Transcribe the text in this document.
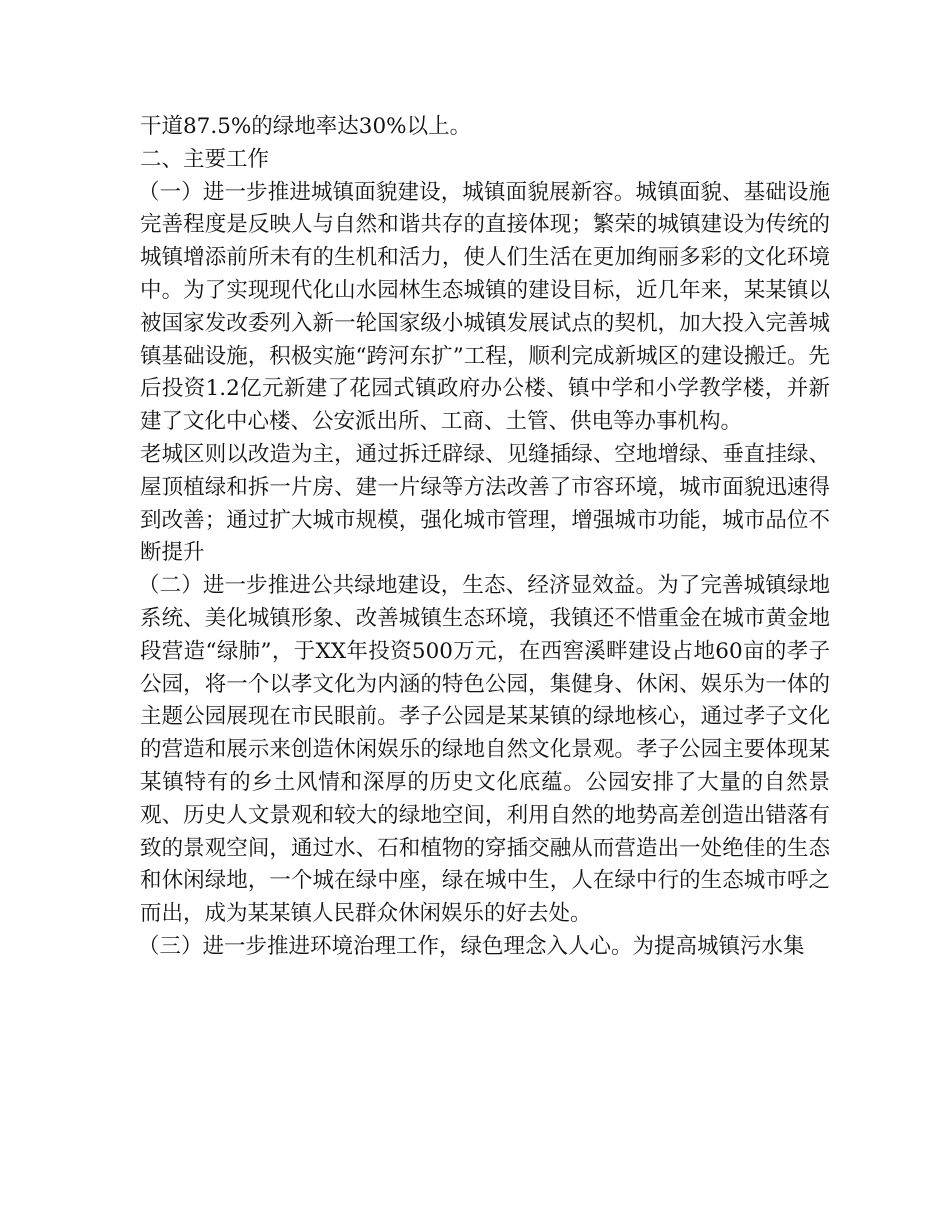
干道87.5%的绿地率达30%以上。

二、主要工作

（一）进一步推进城镇面貌建设，城镇面貌展新容。城镇面貌、基础设施完善程度是反映人与自然和谐共存的直接体现；繁荣的城镇建设为传统的城镇增添前所未有的生机和活力，使人们生活在更加绚丽多彩的文化环境中。为了实现现代化山水园林生态城镇的建设目标，近几年来，某某镇以被国家发改委列入新一轮国家级小城镇发展试点的契机，加大投入完善城镇基础设施，积极实施“跨河东扩”工程，顺利完成新城区的建设搬迁。先后投资1.2亿元新建了花园式镇政府办公楼、镇中学和小学教学楼，并新建了文化中心楼、公安派出所、工商、土管、供电等办事机构。

老城区则以改造为主，通过拆迁辟绿、见缝插绿、空地增绿、垂直挂绿、屋顶植绿和拆一片房、建一片绿等方法改善了市容环境，城市面貌迅速得到改善；通过扩大城市规模，强化城市管理，增强城市功能，城市品位不断提升

（二）进一步推进公共绿地建设，生态、经济显效益。为了完善城镇绿地系统、美化城镇形象、改善城镇生态环境，我镇还不惜重金在城市黄金地段营造“绿肺”，于XX年投资500万元，在西窖溪畔建设占地60亩的孝子公园，将一个以孝文化为内涵的特色公园，集健身、休闲、娱乐为一体的主题公园展现在市民眼前。孝子公园是某某镇的绿地核心，通过孝子文化的营造和展示来创造休闲娱乐的绿地自然文化景观。孝子公园主要体现某某镇特有的乡土风情和深厚的历史文化底蕴。公园安排了大量的自然景观、历史人文景观和较大的绿地空间，利用自然的地势高差创造出错落有致的景观空间，通过水、石和植物的穿插交融从而营造出一处绝佳的生态和休闲绿地，一个城在绿中座，绿在城中生，人在绿中行的生态城市呼之而出，成为某某镇人民群众休闲娱乐的好去处。

（三）进一步推进环境治理工作，绿色理念入人心。为提高城镇污水集
